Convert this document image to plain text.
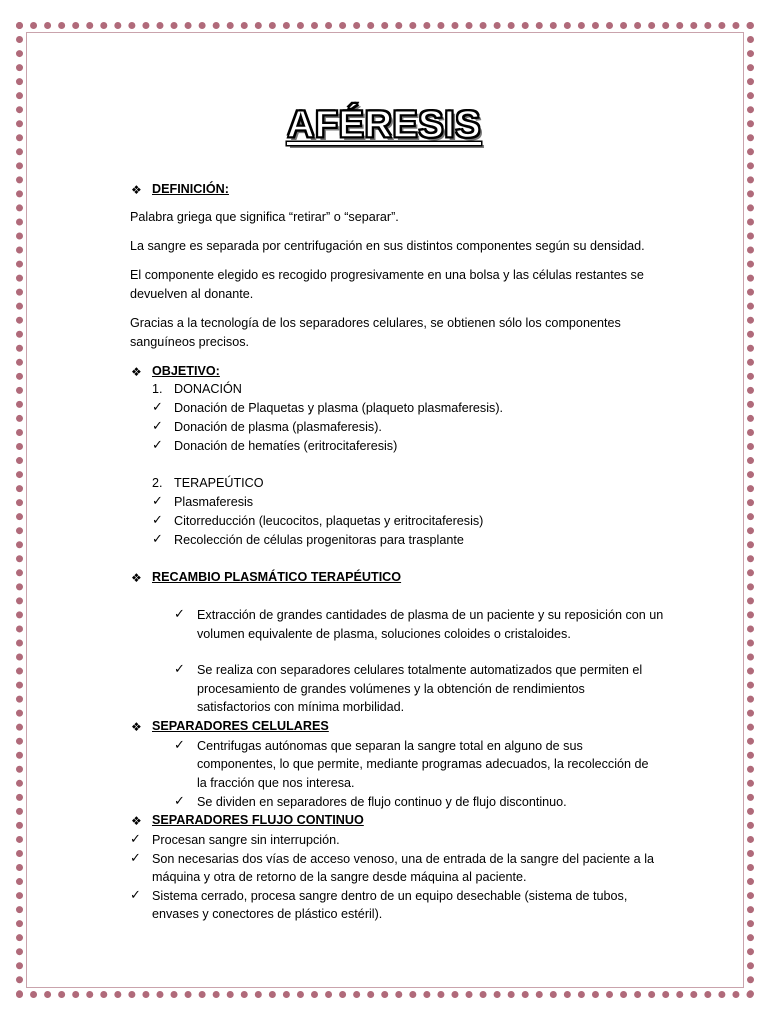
AFÉRESIS
❖ DEFINICIÓN:
Palabra griega que significa “retirar” o “separar”.
La sangre es separada por centrifugación en sus distintos componentes según su densidad.
El componente elegido es recogido progresivamente en una bolsa y las células restantes se
devuelven al donante.
Gracias a la tecnología de los separadores celulares, se obtienen sólo los componentes
sanguíneos precisos.
❖ OBJETIVO:
1. DONACIÓN
✓ Donación de Plaquetas y plasma (plaqueto plasmaferesis).
✓ Donación de plasma (plasmaferesis).
✓ Donación de hematíes (eritrocitaferesis)
2. TERAPEÚTICO
✓ Plasmaferesis
✓ Citorreducción (leucocitos, plaquetas y eritrocitaferesis)
✓ Recolección de células progenitoras para trasplante
❖ RECAMBIO PLASMÁTICO TERAPÉUTICO
✓ Extracción de grandes cantidades de plasma de un paciente y su reposición con un
volumen equivalente de plasma, soluciones coloides o cristaloides.
✓ Se realiza con separadores celulares totalmente automatizados que permiten el
procesamiento de grandes volúmenes y la obtención de rendimientos
satisfactorios con mínima morbilidad.
❖ SEPARADORES CELULARES
✓ Centrifugas autónomas que separan la sangre total en alguno de sus
componentes, lo que permite, mediante programas adecuados, la recolección de
la fracción que nos interesa.
✓ Se dividen en separadores de flujo continuo y de flujo discontinuo.
❖ SEPARADORES FLUJO CONTINUO
✓ Procesan sangre sin interrupción.
✓ Son necesarias dos vías de acceso venoso, una de entrada de la sangre del paciente a la
máquina y otra de retorno de la sangre desde máquina al paciente.
✓ Sistema cerrado, procesa sangre dentro de un equipo desechable (sistema de tubos,
envases y conectores de plástico estéril).
